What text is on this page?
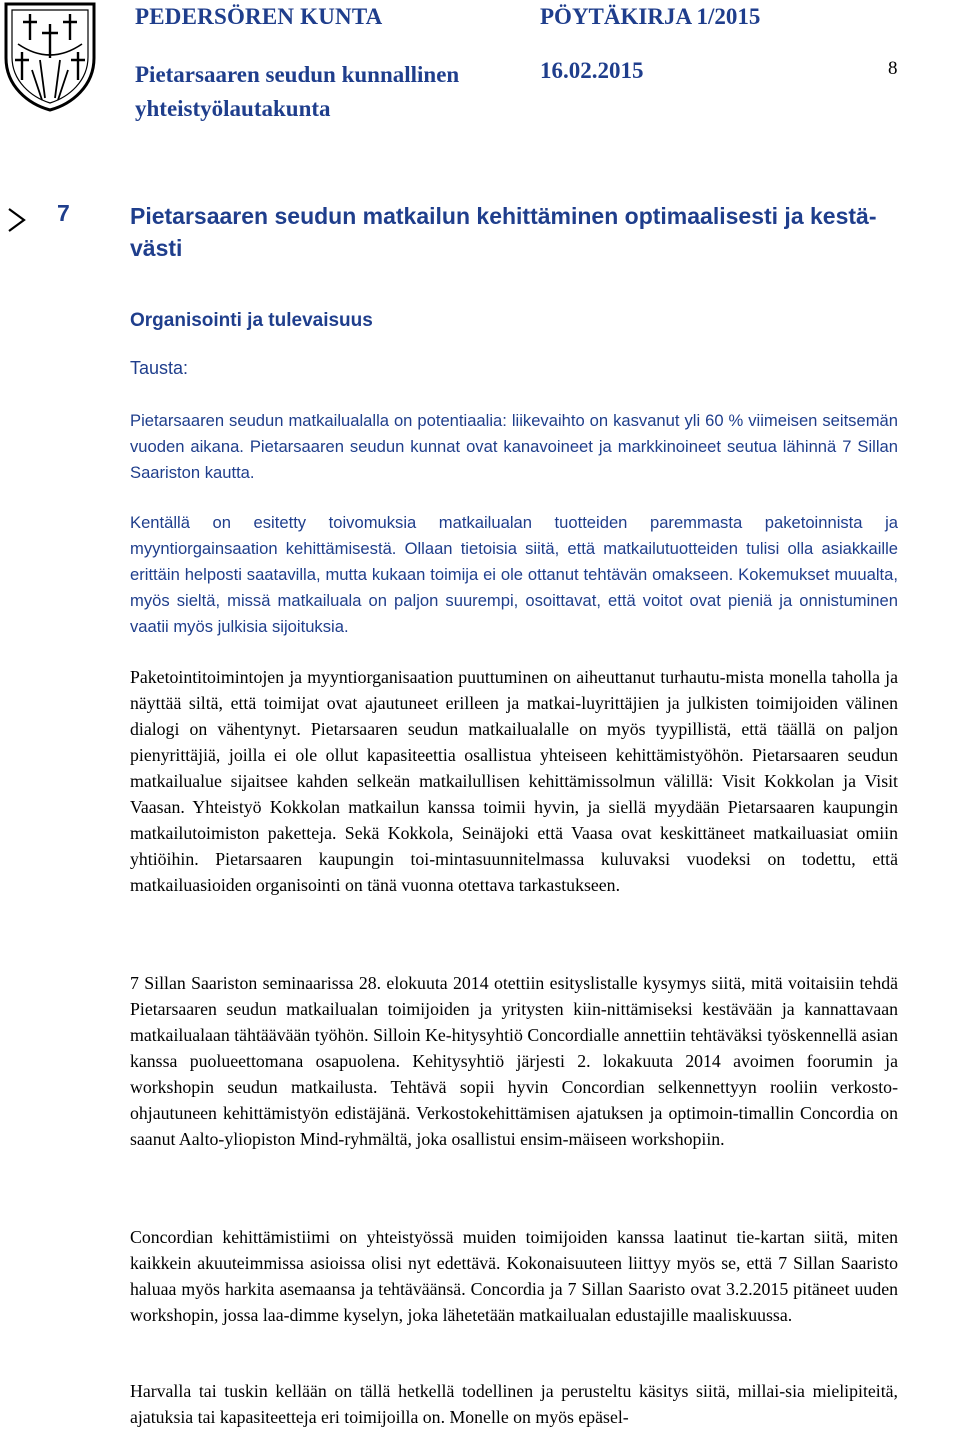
PEDERSÖREN KUNTA	PÖYTÄKIRJA 1/2015
Pietarsaaren seudun kunnallinen
yhteistyölautakunta
16.02.2015	8
7	Pietarsaaren seudun matkailun kehittäminen optimaalisesti ja kestä-västi
Organisointi ja tulevaisuus
Tausta:
Pietarsaaren seudun matkailualalla on potentiaalia: liikevaihto on kasvanut yli 60 % viimeisen seitsemän vuoden aikana. Pietarsaaren seudun kunnat ovat kanavoineet ja markkinoineet seutua lähinnä 7 Sillan Saariston kautta.
Kentällä on esitetty toivomuksia matkailualan tuotteiden paremmasta paketoinnista ja myyntiorgainsaation kehittämisestä. Ollaan tietoisia siitä, että matkailutuotteiden tulisi olla asiakkaille erittäin helposti saatavilla, mutta kukaan toimija ei ole ottanut tehtävän omakseen. Kokemukset muualta, myös sieltä, missä matkailuala on paljon suurempi, osoittavat, että voitot ovat pieniä ja onnistuminen vaatii myös julkisia sijoituksia.
Paketointitoimintojen ja myyntiorganisaation puuttuminen on aiheuttanut turhautu-mista monella taholla ja näyttää siltä, että toimijat ovat ajautuneet erilleen ja matkai-luyrittäjien ja julkisten toimijoiden välinen dialogi on vähentynyt. Pietarsaaren seudun matkailualalle on myös tyypillistä, että täällä on paljon pienyrittäjiä, joilla ei ole ollut kapasiteettia osallistua yhteiseen kehittämistyöhön. Pietarsaaren seudun matkailualue sijaitsee kahden selkeän matkailullisen kehittämissolmun välillä: Visit Kokkolan ja Visit Vaasan. Yhteistyö Kokkolan matkailun kanssa toimii hyvin, ja siellä myydään Pietarsaaren kaupungin matkailutoimiston paketteja. Sekä Kokkola, Seinäjoki että Vaasa ovat keskittäneet matkailuasiat omiin yhtiöihin. Pietarsaaren kaupungin toi-mintasuunnitelmassa kuluvaksi vuodeksi on todettu, että matkailuasioiden organisointi on tänä vuonna otettava tarkastukseen.
7 Sillan Saariston seminaarissa 28. elokuuta 2014 otettiin esityslistalle kysymys siitä, mitä voitaisiin tehdä Pietarsaaren seudun matkailualan toimijoiden ja yritysten kiin-nittämiseksi kestävään ja kannattavaan matkailualaan tähtäävään työhön. Silloin Ke-hitysyhtiö Concordialle annettiin tehtäväksi työskennellä asian kanssa puolueettomana osapuolena. Kehitysyhtiö järjesti 2. lokakuuta 2014 avoimen foorumin ja workshopin seudun matkailusta. Tehtävä sopii hyvin Concordian selkennettyyn rooliin verkosto-ohjautuneen kehittämistyön edistäjänä. Verkostokehittämisen ajatuksen ja optimoin-timallin Concordia on saanut Aalto-yliopiston Mind-ryhmältä, joka osallistui ensim-mäiseen workshopiin.
Concordian kehittämistiimi on yhteistyössä muiden toimijoiden kanssa laatinut tie-kartan siitä, miten kaikkein akuuteimmissa asioissa olisi nyt edettävä. Kokonaisuuteen liittyy myös se, että 7 Sillan Saaristo haluaa myös harkita asemaansa ja tehtäväänsä. Concordia ja 7 Sillan Saaristo ovat 3.2.2015 pitäneet uuden workshopin, jossa laa-dimme kyselyn, joka lähetetään matkailualan edustajille maaliskuussa.
Harvalla tai tuskin kellään on tällä hetkellä todellinen ja perusteltu käsitys siitä, millai-sia mielipiteitä, ajatuksia tai kapasiteetteja eri toimijoilla on. Monelle on myös epäsel-
